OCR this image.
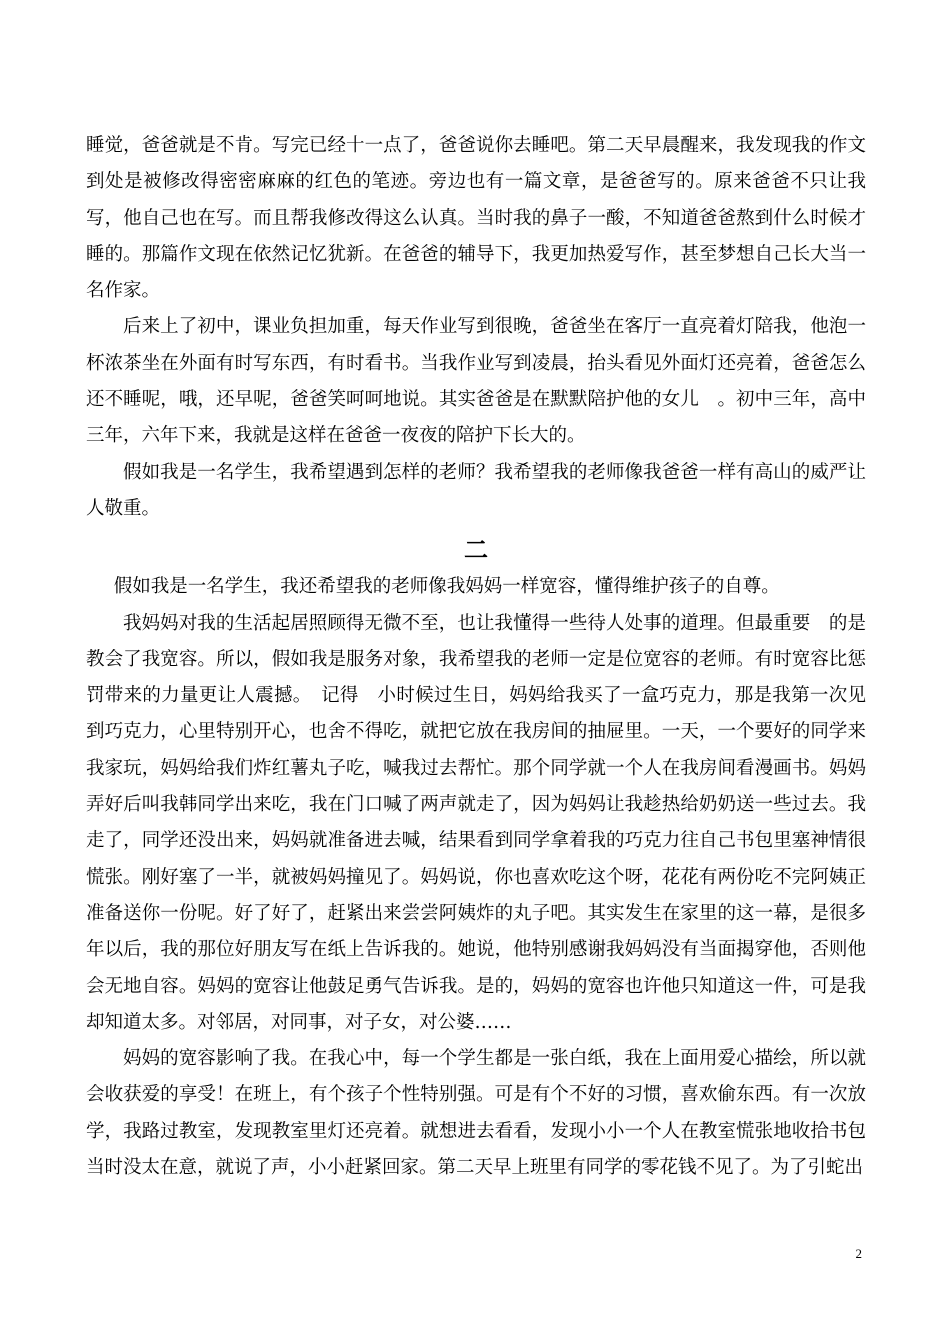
睡觉，爸爸就是不肯。写完已经十一点了，爸爸说你去睡吧。第二天早晨醒来，我发现我的作文到处是被修改得密密麻麻的红色的笔迹。旁边也有一篇文章，是爸爸写的。原来爸爸不只让我写，他自己也在写。而且帮我修改得这么认真。当时我的鼻子一酸，不知道爸爸熬到什么时候才睡的。那篇作文现在依然记忆犹新。在爸爸的辅导下，我更加热爱写作，甚至梦想自己长大当一名作家。

后来上了初中，课业负担加重，每天作业写到很晚，爸爸坐在客厅一直亮着灯陪我，他泡一杯浓茶坐在外面有时写东西，有时看书。当我作业写到凌晨，抬头看见外面灯还亮着，爸爸怎么还不睡呢，哦，还早呢，爸爸笑呵呵地说。其实爸爸是在默默陪护他的女儿　。初中三年，高中三年，六年下来，我就是这样在爸爸一夜夜的陪护下长大的。

假如我是一名学生，我希望遇到怎样的老师？我希望我的老师像我爸爸一样有高山的威严让人敬重。

二

假如我是一名学生，我还希望我的老师像我妈妈一样宽容，懂得维护孩子的自尊。

我妈妈对我的生活起居照顾得无微不至，也让我懂得一些待人处事的道理。但最重要　的是教会了我宽容。所以，假如我是服务对象，我希望我的老师一定是位宽容的老师。有时宽容比惩罚带来的力量更让人震撼。　记得　小时候过生日，妈妈给我买了一盒巧克力，那是我第一次见到巧克力，心里特别开心，也舍不得吃，就把它放在我房间的抽屉里。一天，一个要好的同学来我家玩，妈妈给我们炸红薯丸子吃，喊我过去帮忙。那个同学就一个人在我房间看漫画书。妈妈弄好后叫我韩同学出来吃，我在门口喊了两声就走了，因为妈妈让我趁热给奶奶送一些过去。我走了，同学还没出来，妈妈就准备进去喊，结果看到同学拿着我的巧克力往自己书包里塞神情很慌张。刚好塞了一半，就被妈妈撞见了。妈妈说，你也喜欢吃这个呀，花花有两份吃不完阿姨正准备送你一份呢。好了好了，赶紧出来尝尝阿姨炸的丸子吧。其实发生在家里的这一幕，是很多年以后，我的那位好朋友写在纸上告诉我的。她说，他特别感谢我妈妈没有当面揭穿他，否则他会无地自容。妈妈的宽容让他鼓足勇气告诉我。是的，妈妈的宽容也许他只知道这一件，可是我却知道太多。对邻居，对同事，对子女，对公婆……

妈妈的宽容影响了我。在我心中，每一个学生都是一张白纸，我在上面用爱心描绘，所以就会收获爱的享受！在班上，有个孩子个性特别强。可是有个不好的习惯，喜欢偷东西。有一次放学，我路过教室，发现教室里灯还亮着。就想进去看看，发现小小一个人在教室慌张地收拾书包当时没太在意，就说了声，小小赶紧回家。第二天早上班里有同学的零花钱不见了。为了引蛇出

2
